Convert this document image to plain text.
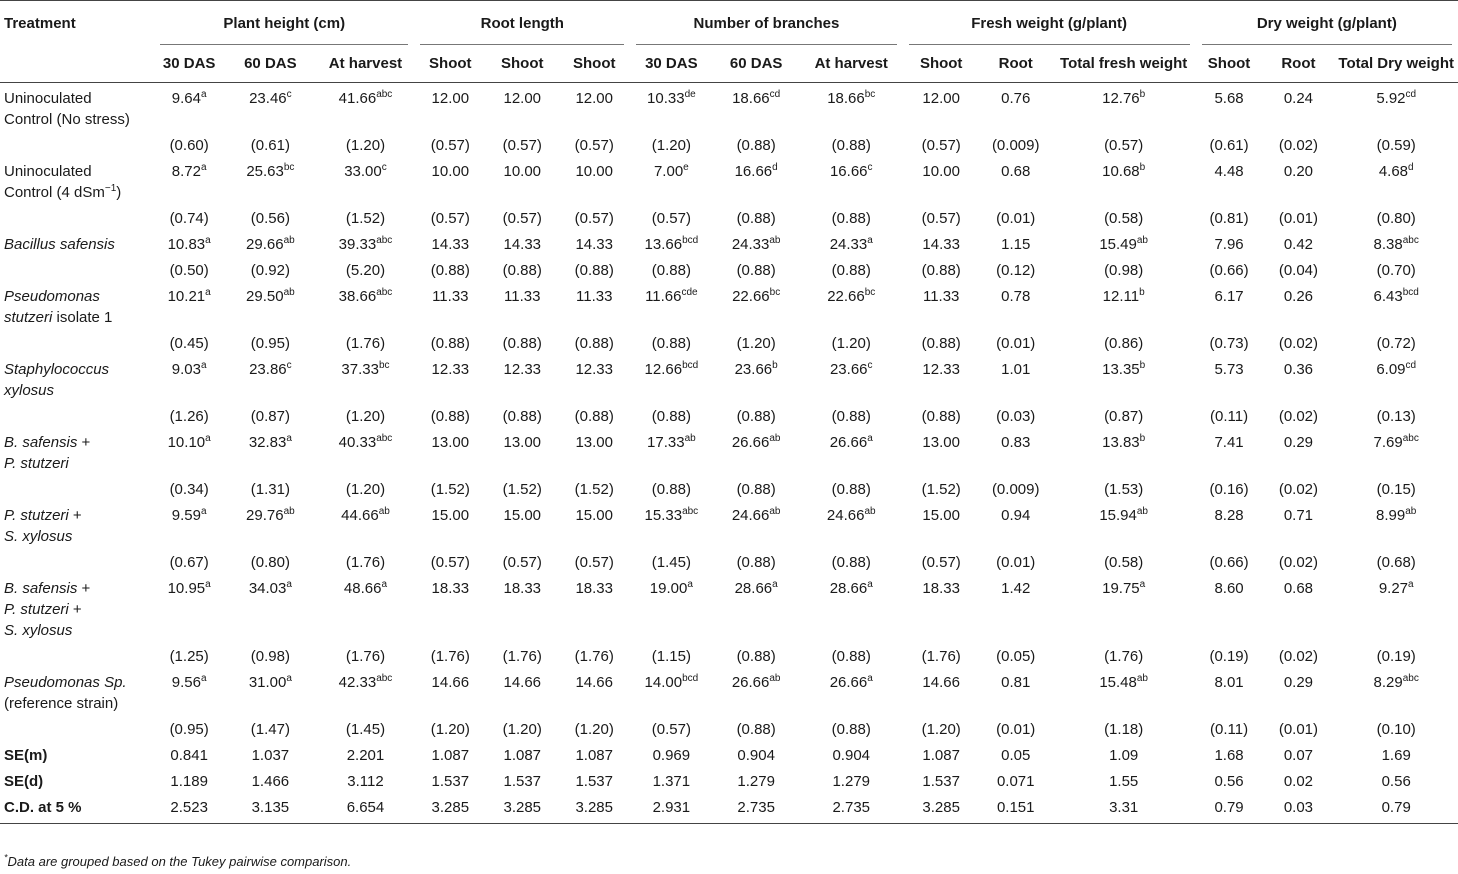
Treatment	Plant height (cm)			Root length			Number of branches			Fresh weight (g/plant)			Dry weight (g/plant)		

	30 DAS	60 DAS	At harvest	Shoot	Shoot	Shoot	30 DAS	60 DAS	At harvest	Shoot	Root	Total fresh weight	Shoot	Root	Total Dry weight
Uninoculated
Control (No stress)	9.64$^a$	23.46$^c$	41.66$^{abc}$	12.00	12.00	12.00	10.33de	18.66$^{cd}$	18.66$^{bc}$	12.00	0.76	12.76$^b$	5.68	0.24	5.92$^{cd}$
	(0.60)	(0.61)	(1.20)	(0.57)	(0.57)	(0.57)	(1.20)	(0.88)	(0.88)	(0.57)	(0.009)	(0.57)	(0.61)	(0.02)	(0.59)
Uninoculated
Control (4 dSm$^{-1}$)	8.72$^a$	25.63$^{bc}$	33.00$^c$	10.00	10.00	10.00	7.00e	16.66$^d$	16.66$^c$	10.00	0.68	10.68$^b$	4.48	0.20	4.68$^d$
	(0.74)	(0.56)	(1.52)	(0.57)	(0.57)	(0.57)	(0.57)	(0.88)	(0.88)	(0.57)	(0.01)	(0.58)	(0.81)	(0.01)	(0.80)
Bacillus safensis	10.83$^a$	29.66$^{ab}$	39.33$^{abc}$	14.33	14.33	14.33	13.66$^{bcd}$	24.33$^{ab}$	24.33$^a$	14.33	1.15	15.49$^{ab}$	7.96	0.42	8.38$^{abc}$
	(0.50)	(0.92)	(5.20)	(0.88)	(0.88)	(0.88)	(0.88)	(0.88)	(0.88)	(0.88)	(0.12)	(0.98)	(0.66)	(0.04)	(0.70)
Pseudomonas
stutzeri isolate 1	10.21$^a$	29.50$^{ab}$	38.66$^{abc}$	11.33	11.33	11.33	11.66$^{cde}$	22.66$^{bc}$	22.66$^{bc}$	11.33	0.78	12.11$^b$	6.17	0.26	6.43$^{bcd}$
	(0.45)	(0.95)	(1.76)	(0.88)	(0.88)	(0.88)	(0.88)	(1.20)	(1.20)	(0.88)	(0.01)	(0.86)	(0.73)	(0.02)	(0.72)
Staphylococcus
xylosus	9.03$^a$	23.86$^c$	37.33$^{bc}$	12.33	12.33	12.33	12.66$^{bcd}$	23.66$^b$	23.66$^c$	12.33	1.01	13.35$^b$	5.73	0.36	6.09$^{cd}$
	(1.26)	(0.87)	(1.20)	(0.88)	(0.88)	(0.88)	(0.88)	(0.88)	(0.88)	(0.88)	(0.03)	(0.87)	(0.11)	(0.02)	(0.13)
B. safensis +
P. stutzeri	10.10$^a$	32.83$^a$	40.33$^{abc}$	13.00	13.00	13.00	17.33$^{ab}$	26.66$^{ab}$	26.66$^a$	13.00	0.83	13.83$^b$	7.41	0.29	7.69$^{abc}$
	(0.34)	(1.31)	(1.20)	(1.52)	(1.52)	(1.52)	(0.88)	(0.88)	(0.88)	(1.52)	(0.009)	(1.53)	(0.16)	(0.02)	(0.15)
P. stutzeri +
S. xylosus	9.59$^a$	29.76$^{ab}$	44.66$^{ab}$	15.00	15.00	15.00	15.33$^{abc}$	24.66$^{ab}$	24.66$^{ab}$	15.00	0.94	15.94$^{ab}$	8.28	0.71	8.99$^{ab}$
	(0.67)	(0.80)	(1.76)	(0.57)	(0.57)	(0.57)	(1.45)	(0.88)	(0.88)	(0.57)	(0.01)	(0.58)	(0.66)	(0.02)	(0.68)
B. safensis +
P. stutzeri +
S. xylosus	10.95$^a$	34.03$^a$	48.66$^a$	18.33	18.33	18.33	19.00$^a$	28.66$^a$	28.66$^a$	18.33	1.42	19.75$^a$	8.60	0.68	9.27$^a$
	(1.25)	(0.98)	(1.76)	(1.76)	(1.76)	(1.76)	(1.15)	(0.88)	(0.88)	(1.76)	(0.05)	(1.76)	(0.19)	(0.02)	(0.19)
Pseudomonas Sp.
(reference strain)	9.56$^a$	31.00$^a$	42.33$^{abc}$	14.66	14.66	14.66	14.00$^{bcd}$	26.66$^{ab}$	26.66$^a$	14.66	0.81	15.48$^{ab}$	8.01	0.29	8.29$^{abc}$
	(0.95)	(1.47)	(1.45)	(1.20)	(1.20)	(1.20)	(0.57)	(0.88)	(0.88)	(1.20)	(0.01)	(1.18)	(0.11)	(0.01)	(0.10)
SE(m)	0.841	1.037	2.201	1.087	1.087	1.087	0.969	0.904	0.904	1.087	0.05	1.09	1.68	0.07	1.69
SE(d)	1.189	1.466	3.112	1.537	1.537	1.537	1.371	1.279	1.279	1.537	0.071	1.55	0.56	0.02	0.56
C.D. at 5 %	2.523	3.135	6.654	3.285	3.285	3.285	2.931	2.735	2.735	3.285	0.151	3.31	0.79	0.03	0.79
*Data are grouped based on the Tukey pairwise comparison.
